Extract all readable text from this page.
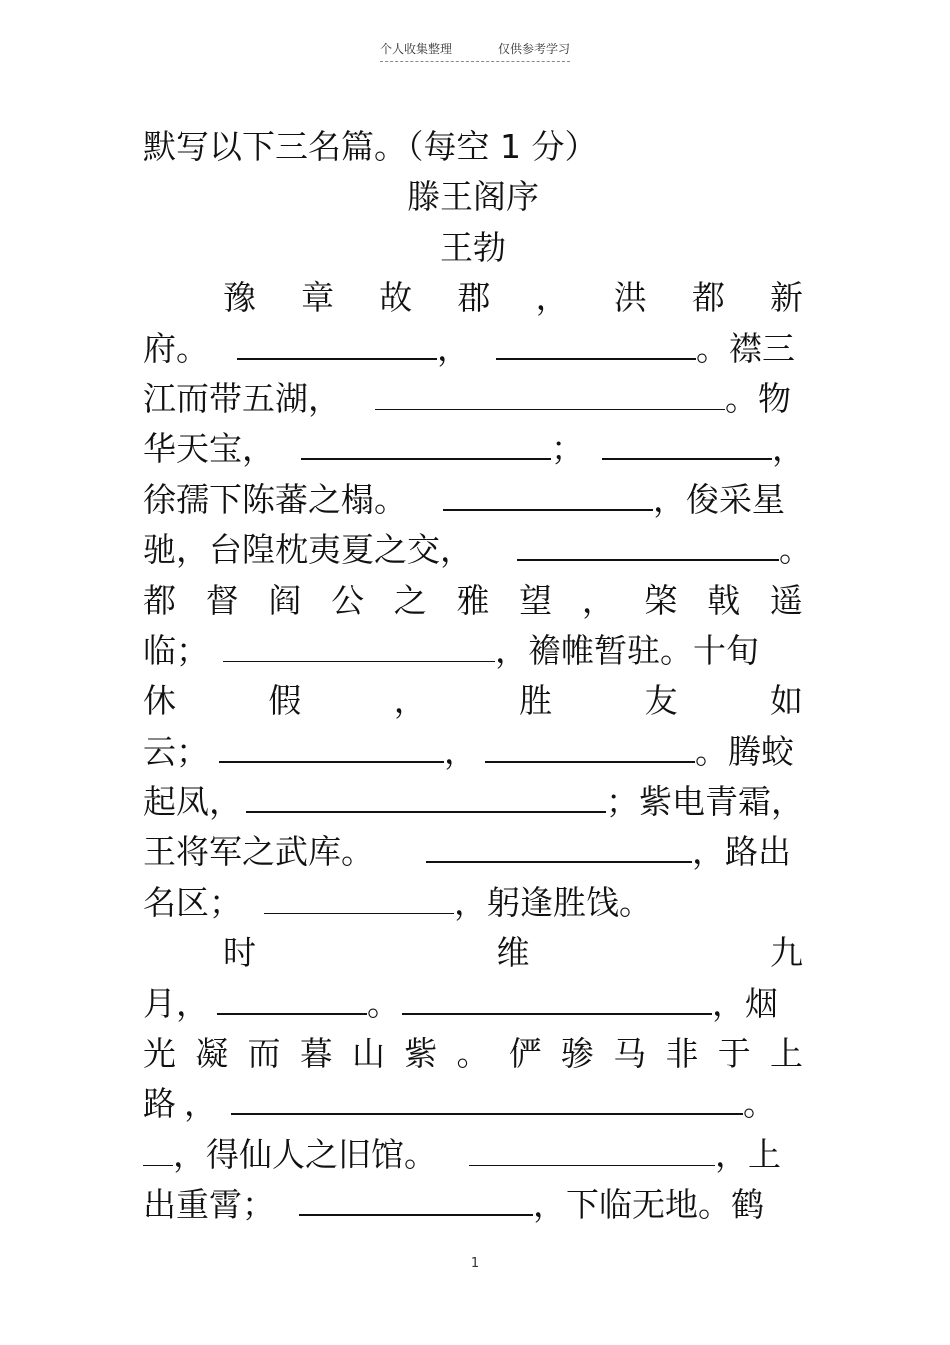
个人收集整理	仅供参考学习
默写以下三名篇。（每空 1 分）
滕王阁序
王勃
豫 章 故 郡 ， 洪 都 新
府。	，	。襟三
江而带五湖，	。物
华天宝，	；	，
徐孺下陈蕃之榻。	，俊采星
驰，台隍枕夷夏之交，	。
都 督 阎 公 之 雅 望 ， 棨 戟 遥
临；	，襜帷暂驻。十旬
休	假	，	胜	友	如
云；	，	。腾蛟
起凤，	；紫电青霜，
王将军之武库。	，路出
名区；	，躬逢胜饯。
时	维	九
月，	。	，烟
光 凝 而 暮 山 紫 。 俨 骖 马 非 于 上
路 ，	。
，得仙人之旧馆。	，上
出重霄；	，下临无地。鹤
1
